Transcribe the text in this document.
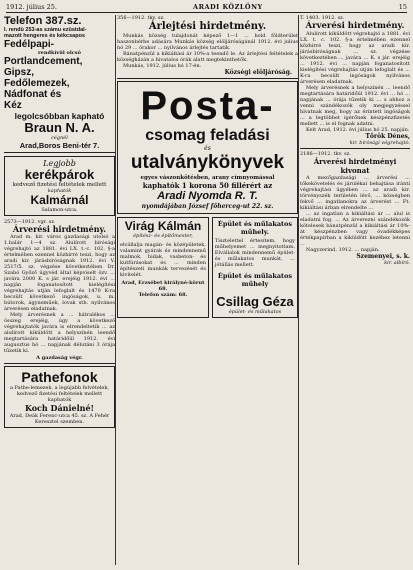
1912. július 25.	ARADI KÖZLÖNY	15
Telefon 387.sz.
I. rendü 253-as számu ezüstdal-
mazott hengeres és kékcsapos
Fedélpapi-
rendkívül olcsó
Portlandcement,
Gipsz,
Fedőlemezek,
Nádfonat és
Kéz
legolcsóbban kapható
Braun N. A.
cégnél
Arad,Boros Beni-tér 7.
Legjobb
kerékpárok
kedvező fizetési feltételek mellett
kaphatók
Kalmárnál
Salamon-utca.
2573—1912. vgr. sz.
Árverési hirdetmény.
Arad m. kir. város gazdasági utolsó a 1.halár 1—4 sz. Alulírott bírósági végrehajtó az 1881. évi LX. t.-c. 102. §-a értelmében ezennel közhírré teszi, hogy az aradi kir. járásbíróságnak 1912. évi V. 2517/5. sz. végzése következtében Dr. Szabó Győző ügyvéd által képviselt özv. ... javára 2000 K. s jár. erejéig 1912. évi ... napján foganatosított kielégítési végrehajtás utján lefoglalt és 1470 K-ra becsült következő ingóságok, u. m. bútorok, ágyneműek, lovak stb. nyilvános árverésen eladatnak.
Mely árverésnek a ... hátralékos ... összeg erejéig, úgy a következő végrehajtatók javára is elrendeltetik ... az alulírott kiküldött a helyszínén leendő megtartására határidőül 1912. évi augusztus hó ... napjának délutáni 3 órája tűzetik ki.
A gazdaság végr.
Pathefonok
a Pathe-lemezek, a legújabb felvételek, kedvező fizetési feltételek mellett kaphatók
Koch Dánielné!
Arad, Deák Ferenc-utca 45. sz. A Fehér Keresztel szemben.
356—1912. tkv. sz.
Árlejtési hirdetmény.
Munkás község tulajdonát képező 1—1 ... hold földterület haszonbérbe adására Munkás község elöljáróságánál 1912. évi julius hó 29 ... órakor ... nyilvános árlejtés tartatik.
Bánatpénzül a kikiáltási ár 10%-a teendő le. Az árlejtési feltételek a községházán a hivatalos órák alatt megtekinthetők.
Munkás, 1912. július hó 17-én.
Községi elöljáróság.
Posta-
csomag feladási
és
utalványkönyvek
egyes vászonkötésben, arany címnyomással
kaphatók 1 korona 50 fillérért az
Aradi Nyomda R. T.
nyomdájában József főherceg-ut 22. sz.
Virág Kálmán
építész- és építőmester,
elvállalja magán- és középületek, valamint gyárak és mindennemű malmok, hidak, vasbeton- és kutfúrásokat és ... minden építészeti munkák tervezését és kivitelét.
Arad, Erzsébet királyné-körut 68.
Telefon szám: 68.
Épület és műlakatos műhely.
Tisztelettel értesítem, hogy műhelyemet ... megnyitottam. Elvállalok mindennemű épület- és műlakatos munkát, ... jótállás mellett.
Épület és műlakatos műhely
Csillag Géza
épület- és műlakatos
T. 1403. 1912. sz.
Árverési hirdetmény.
Alulírott kiküldött végrehajtó a 1881. évi LX. t. c. 102. §-a értelmében ezennel közhírré teszi, hogy az aradi kir. járásbíróságnak ... sz. végzése következtében ... javára ... K. s jár. erejéig ... 1912. évi ... napján foganatosított kielégítési végrehajtás utján lefoglalt és ... K-ra becsült ingóságok nyilvános árverésen eladatnak.
Mely árverésnek a helyszínén ... leendő megtartására határidőül 1912. évi ... hó ... napjának ... órája tűzetik ki ... s ahhoz a venni szándékozók oly megjegyzéssel hivatnak meg, hogy az érintett ingóságok ... a legtöbbet ígérőnek készpénzfizetés mellett ... is el fognak adatni.
Kelt Arad, 1912. évi július hó 25. napján.
Tőrök Dénes,
kir. bírósági végrehajtó.
2186—1912. tkv. sz.
Árverési hirdetményi kivonat
A mezőgazdasági ... árverési ... tőkekövetelés és járulékai behajtása iránti végrehajtási ügyében ... az aradi kir. törvényszék területén lévő, ... községben fekvő ... ingatlanokra az árverést ... Ft. kikiáltási árban elrendelte ...
... az ingatlan a kikiáltási ár ... alul is eladatni fog. ... Az árverezni szándékozók kötelesek bánatpénzül a kikiáltási ár 10%-át készpénzben vagy óvadékképes értékpapírban a kiküldött kezéhez letenni ...
Nagyzerind, 1912. ... napján.
Szemenyei, s. k.
kir. albíró.
